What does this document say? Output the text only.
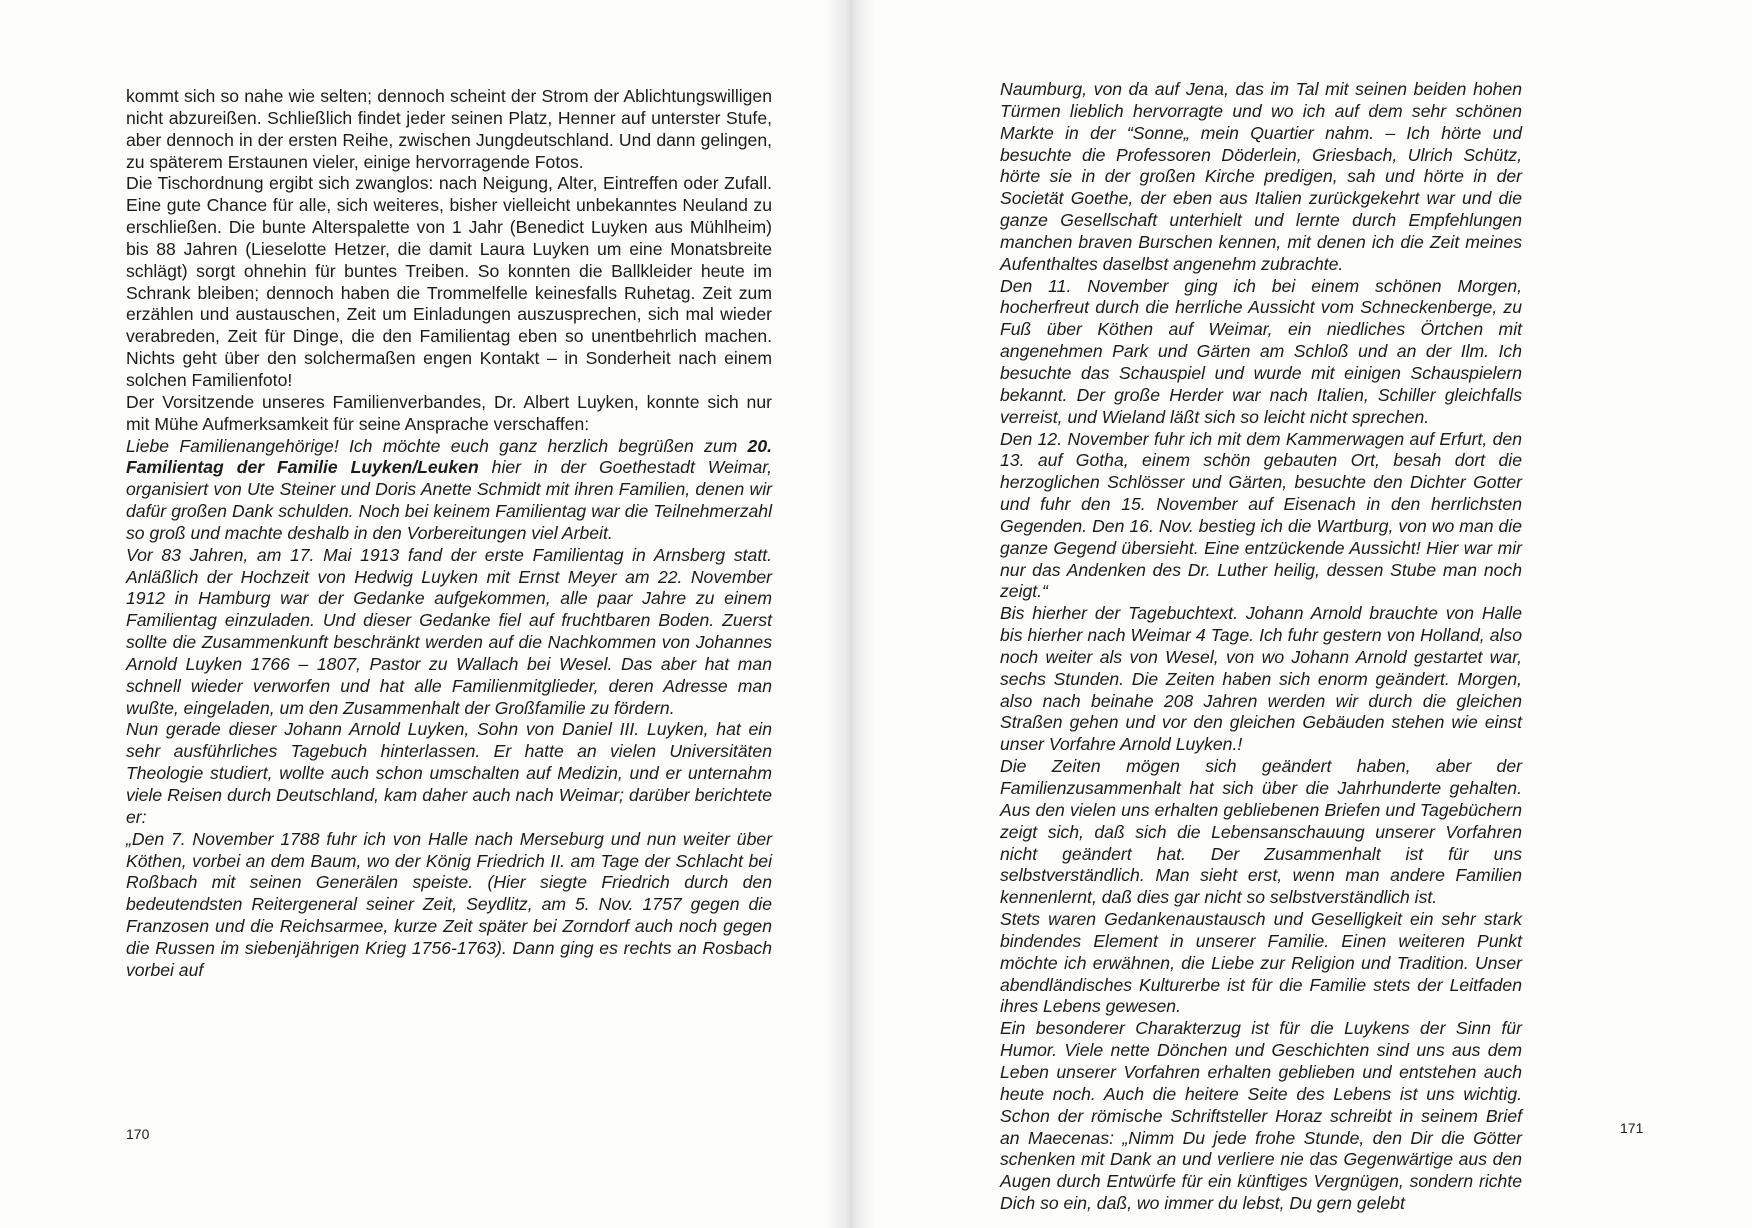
kommt sich so nahe wie selten; dennoch scheint der Strom der Ablichtungswilligen nicht abzureißen. Schließlich findet jeder seinen Platz, Henner auf unterster Stufe, aber dennoch in der ersten Reihe, zwischen Jungdeutschland. Und dann gelingen, zu späterem Erstaunen vieler, einige hervorragende Fotos.

Die Tischordnung ergibt sich zwanglos: nach Neigung, Alter, Eintreffen oder Zufall. Eine gute Chance für alle, sich weiteres, bisher vielleicht unbekanntes Neuland zu erschließen. Die bunte Alterspalette von 1 Jahr (Benedict Luyken aus Mühlheim) bis 88 Jahren (Lieselotte Hetzer, die damit Laura Luyken um eine Monatsbreite schlägt) sorgt ohnehin für buntes Treiben. So konnten die Ballkleider heute im Schrank bleiben; dennoch haben die Trommelfelle keinesfalls Ruhetag. Zeit zum erzählen und austauschen, Zeit um Einladungen auszusprechen, sich mal wieder verabreden, Zeit für Dinge, die den Familientag eben so unentbehrlich machen. Nichts geht über den solchermaßen engen Kontakt – in Sonderheit nach einem solchen Familienfoto!

Der Vorsitzende unseres Familienverbandes, Dr. Albert Luyken, konnte sich nur mit Mühe Aufmerksamkeit für seine Ansprache verschaffen:

Liebe Familienangehörige! Ich möchte euch ganz herzlich begrüßen zum 20. Familientag der Familie Luyken/Leuken hier in der Goethestadt Weimar, organisiert von Ute Steiner und Doris Anette Schmidt mit ihren Familien, denen wir dafür großen Dank schulden. Noch bei keinem Familientag war die Teilnehmerzahl so groß und machte deshalb in den Vorbereitungen viel Arbeit.

Vor 83 Jahren, am 17. Mai 1913 fand der erste Familientag in Arnsberg statt. Anläßlich der Hochzeit von Hedwig Luyken mit Ernst Meyer am 22. November 1912 in Hamburg war der Gedanke aufgekommen, alle paar Jahre zu einem Familientag einzuladen. Und dieser Gedanke fiel auf fruchtbaren Boden. Zuerst sollte die Zusammenkunft beschränkt werden auf die Nachkommen von Johannes Arnold Luyken 1766 – 1807, Pastor zu Wallach bei Wesel. Das aber hat man schnell wieder verworfen und hat alle Familienmitglieder, deren Adresse man wußte, eingeladen, um den Zusammenhalt der Großfamilie zu fördern.

Nun gerade dieser Johann Arnold Luyken, Sohn von Daniel III. Luyken, hat ein sehr ausführliches Tagebuch hinterlassen. Er hatte an vielen Universitäten Theologie studiert, wollte auch schon umschalten auf Medizin, und er unternahm viele Reisen durch Deutschland, kam daher auch nach Weimar; darüber berichtete er:

„Den 7. November 1788 fuhr ich von Halle nach Merseburg und nun weiter über Köthen, vorbei an dem Baum, wo der König Friedrich II. am Tage der Schlacht bei Roßbach mit seinen Generälen speiste. (Hier siegte Friedrich durch den bedeutendsten Reitergeneral seiner Zeit, Seydlitz, am 5. Nov. 1757 gegen die Franzosen und die Reichsarmee, kurze Zeit später bei Zorndorf auch noch gegen die Russen im siebenjährigen Krieg 1756-1763). Dann ging es rechts an Rosbach vorbei auf

170

Naumburg, von da auf Jena, das im Tal mit seinen beiden hohen Türmen lieblich hervorragte und wo ich auf dem sehr schönen Markte in der “Sonne„ mein Quartier nahm. – Ich hörte und besuchte die Professoren Döderlein, Griesbach, Ulrich Schütz, hörte sie in der großen Kirche predigen, sah und hörte in der Societät Goethe, der eben aus Italien zurückgekehrt war und die ganze Gesellschaft unterhielt und lernte durch Empfehlungen manchen braven Burschen kennen, mit denen ich die Zeit meines Aufenthaltes daselbst angenehm zubrachte.

Den 11. November ging ich bei einem schönen Morgen, hocherfreut durch die herrliche Aussicht vom Schneckenberge, zu Fuß über Köthen auf Weimar, ein niedliches Örtchen mit angenehmen Park und Gärten am Schloß und an der Ilm. Ich besuchte das Schauspiel und wurde mit einigen Schauspielern bekannt. Der große Herder war nach Italien, Schiller gleichfalls verreist, und Wieland läßt sich so leicht nicht sprechen.

Den 12. November fuhr ich mit dem Kammerwagen auf Erfurt, den 13. auf Gotha, einem schön gebauten Ort, besah dort die herzoglichen Schlösser und Gärten, besuchte den Dichter Gotter und fuhr den 15. November auf Eisenach in den herrlichsten Gegenden. Den 16. Nov. bestieg ich die Wartburg, von wo man die ganze Gegend übersieht. Eine entzückende Aussicht! Hier war mir nur das Andenken des Dr. Luther heilig, dessen Stube man noch zeigt.“

Bis hierher der Tagebuchtext. Johann Arnold brauchte von Halle bis hierher nach Weimar 4 Tage. Ich fuhr gestern von Holland, also noch weiter als von Wesel, von wo Johann Arnold gestartet war, sechs Stunden. Die Zeiten haben sich enorm geändert. Morgen, also nach beinahe 208 Jahren werden wir durch die gleichen Straßen gehen und vor den gleichen Gebäuden stehen wie einst unser Vorfahre Arnold Luyken.!

Die Zeiten mögen sich geändert haben, aber der Familienzusammenhalt hat sich über die Jahrhunderte gehalten. Aus den vielen uns erhalten gebliebenen Briefen und Tagebüchern zeigt sich, daß sich die Lebensanschauung unserer Vorfahren nicht geändert hat. Der Zusammenhalt ist für uns selbstverständlich. Man sieht erst, wenn man andere Familien kennenlernt, daß dies gar nicht so selbstverständlich ist.

Stets waren Gedankenaustausch und Geselligkeit ein sehr stark bindendes Element in unserer Familie. Einen weiteren Punkt möchte ich erwähnen, die Liebe zur Religion und Tradition. Unser abendländisches Kulturerbe ist für die Familie stets der Leitfaden ihres Lebens gewesen.

Ein besonderer Charakterzug ist für die Luykens der Sinn für Humor. Viele nette Dönchen und Geschichten sind uns aus dem Leben unserer Vorfahren erhalten geblieben und entstehen auch heute noch. Auch die heitere Seite des Lebens ist uns wichtig. Schon der römische Schriftsteller Horaz schreibt in seinem Brief an Maecenas: „Nimm Du jede frohe Stunde, den Dir die Götter schenken mit Dank an und verliere nie das Gegenwärtige aus den Augen durch Entwürfe für ein künftiges Vergnügen, sondern richte Dich so ein, daß, wo immer du lebst, Du gern gelebt

171
